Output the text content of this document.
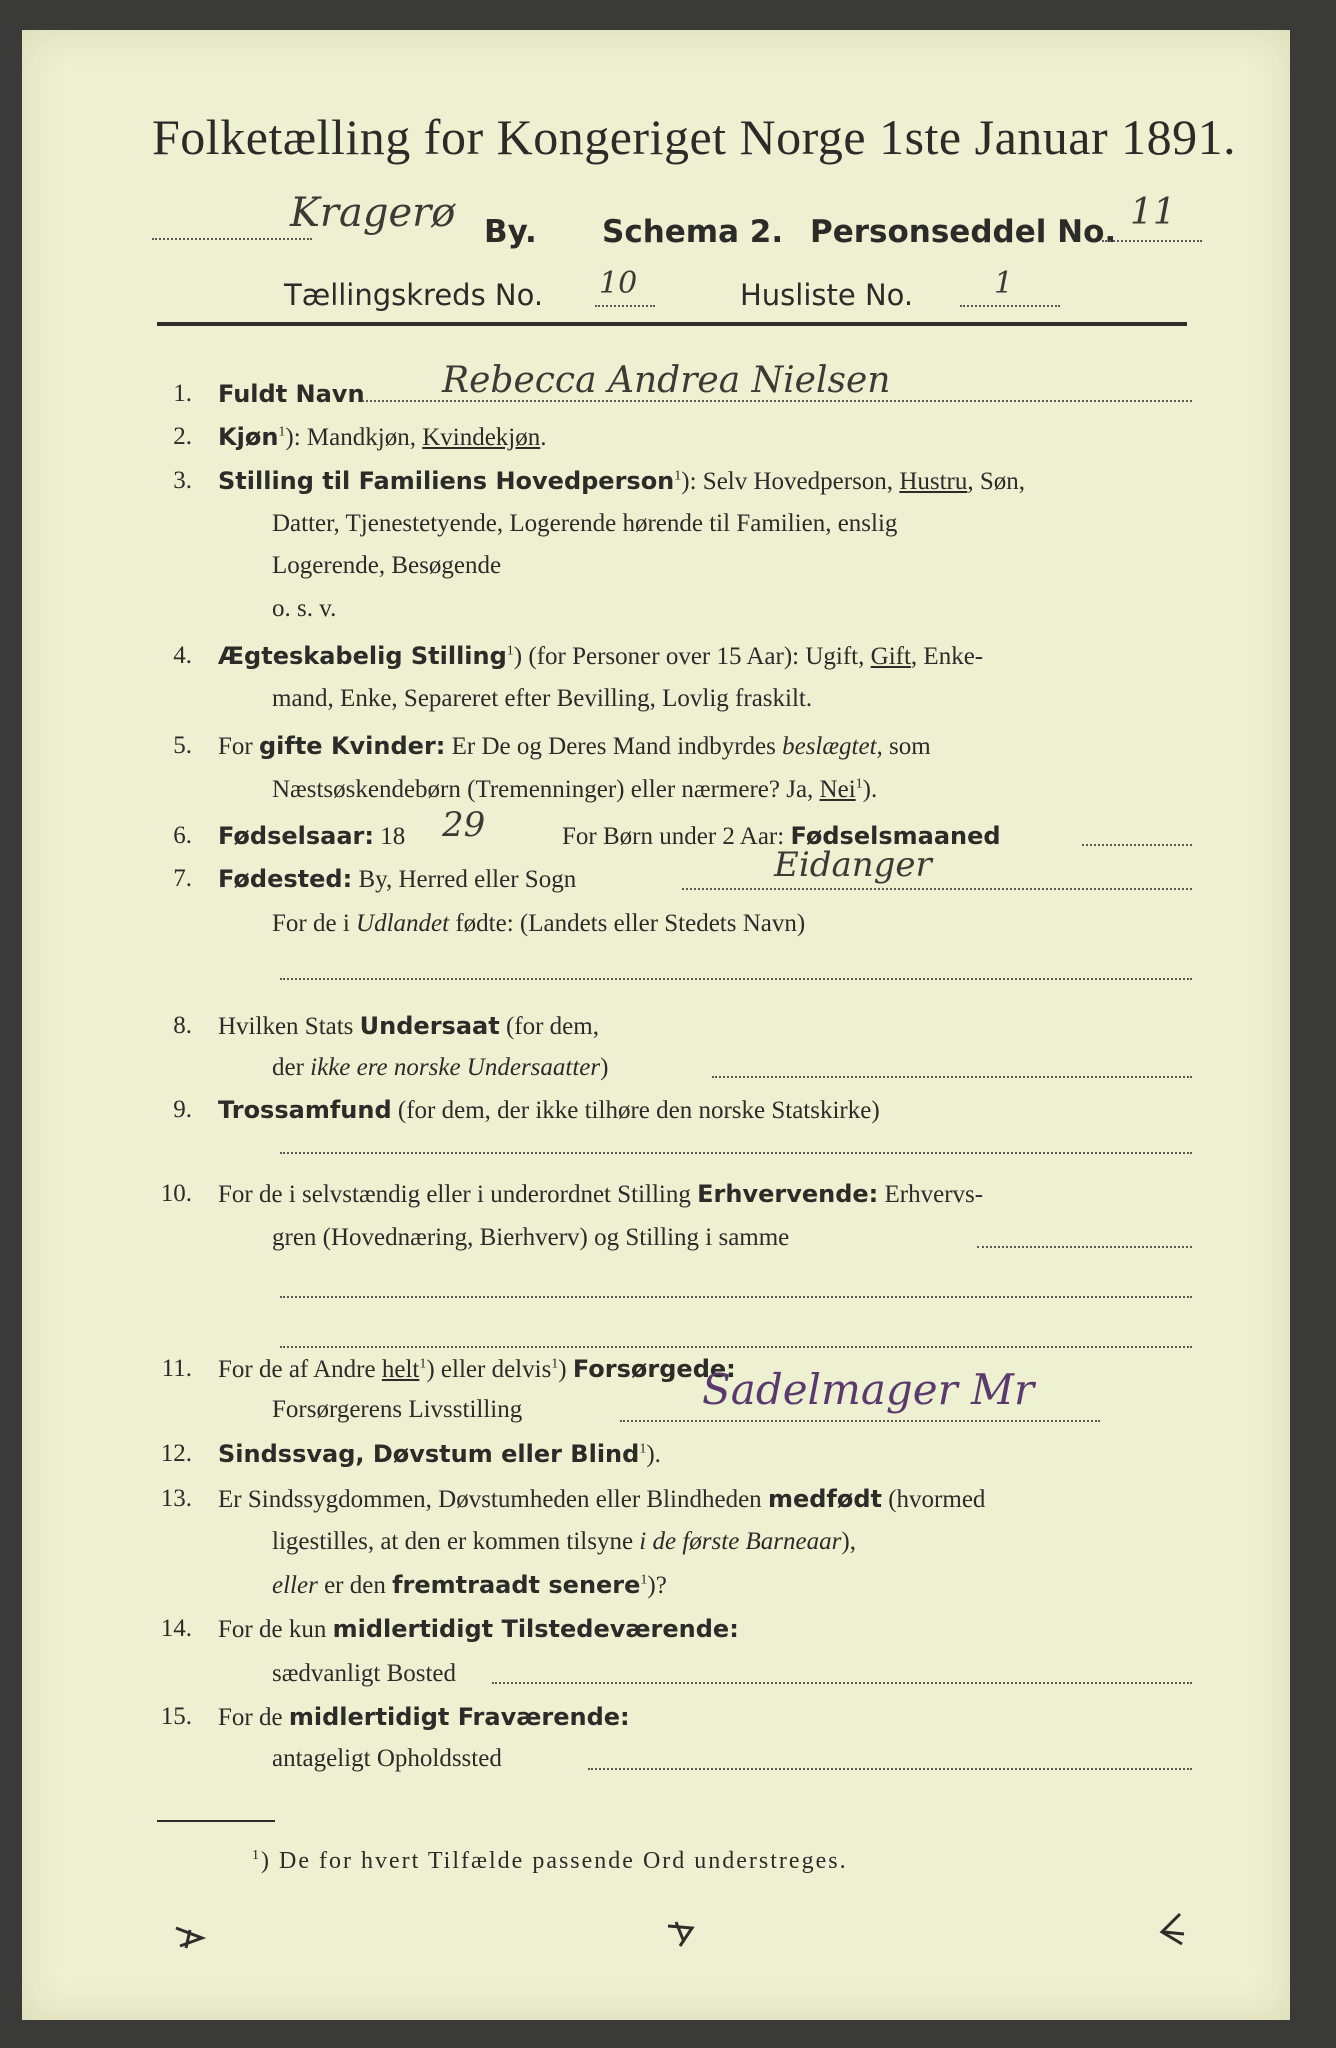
Folketælling for Kongeriget Norge 1ste Januar 1891.
Kragerø By. Schema 2. Personseddel No. 11
Tællingskreds No. 10	Husliste No.	1
1. Fuldt Navn Rebecca Andrea Nielsen
2. Kjøn$^1$): Mandkjøn, Kvindekjøn.
3. Stilling til Familiens Hovedperson$^1$): Selv Hovedperson, Hustru, Søn,
Datter, Tjenestetyende, Logerende hørende til Familien, enslig
Logerende, Besøgende
o. s. v.
4. Ægteskabelig Stilling$^1$) (for Personer over 15 Aar): Ugift, Gift, Enke-
mand, Enke, Separeret efter Bevilling, Lovlig fraskilt.
5. For gifte Kvinder: Er De og Deres Mand indbyrdes beslægtet, som
Næstsøskendebørn (Tremenninger) eller nærmere? Ja, Nei$^1$).
6. Fødselsaar: 18 29	For Børn under 2 Aar: Fødselsmaaned
7. Fødested: By, Herred eller Sogn	Eidanger
For de i Udlandet fødte: (Landets eller Stedets Navn)
8. Hvilken Stats Undersaat (for dem,
der ikke ere norske Undersaatter)
9. Trossamfund (for dem, der ikke tilhøre den norske Statskirke)
10. For de i selvstændig eller i underordnet Stilling Erhvervende: Erhvervs-
gren (Hovednæring, Bierhverv) og Stilling i samme
11. For de af Andre helt$^1$) eller delvis$^1$) Forsørgede:
Forsørgerens Livsstilling	Sadelmager Mr
12. Sindssvag, Døvstum eller Blind$^1$).
13. Er Sindssygdommen, Døvstumheden eller Blindheden medfødt (hvormed
ligestilles, at den er kommen tilsyne i de første Barneaar),
eller er den fremtraadt senere$^1$)?
14. For de kun midlertidigt Tilstedeværende:
sædvanligt Bosted
15. For de midlertidigt Fraværende:
antageligt Opholdssted
$^1$) De for hvert Tilfælde passende Ord understreges.
